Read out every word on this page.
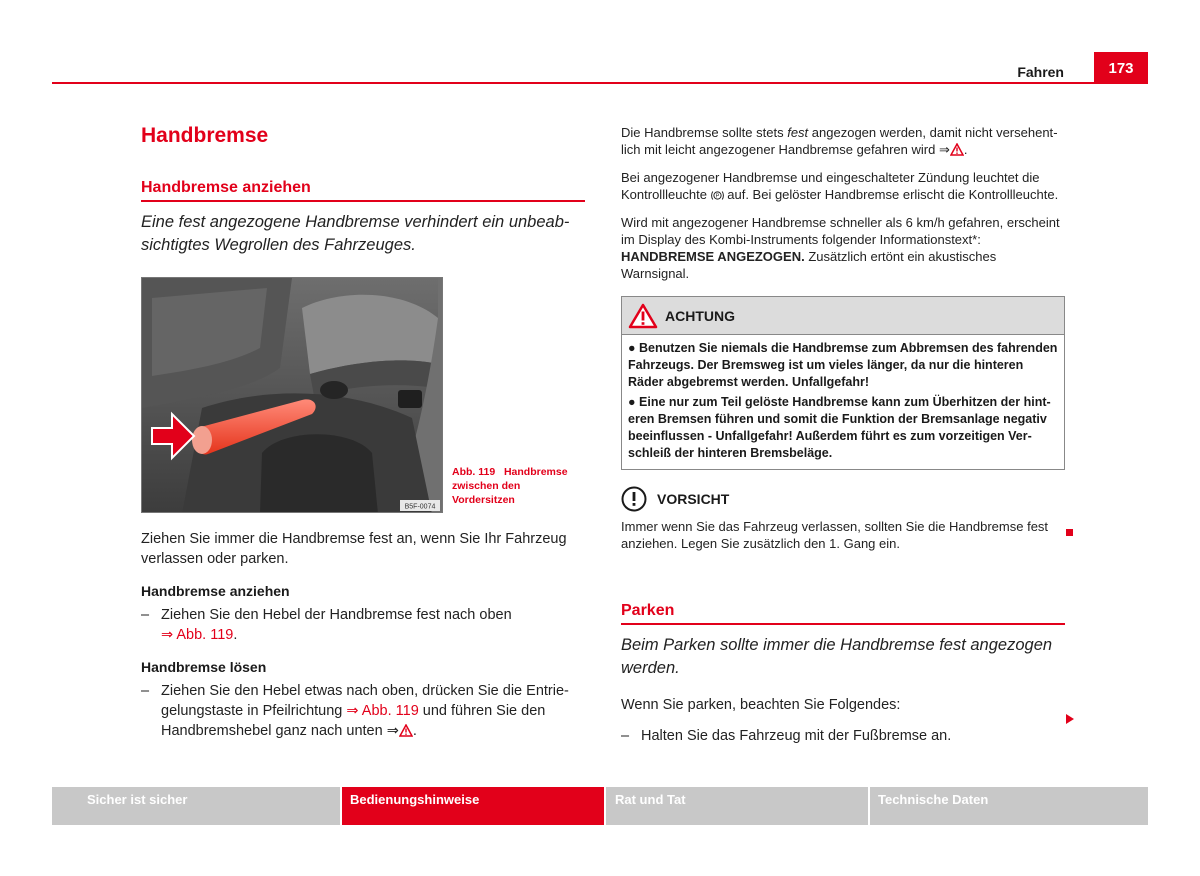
Fahren	173
Handbremse
Handbremse anziehen
Eine fest angezogene Handbremse verhindert ein unbeabsichtigtes Wegrollen des Fahrzeuges.
B5F-0074
Abb. 119 Handbremse zwischen den Vordersitzen
Ziehen Sie immer die Handbremse fest an, wenn Sie Ihr Fahrzeug verlassen oder parken.
Handbremse anziehen
– Ziehen Sie den Hebel der Handbremse fest nach oben
⇒ Abb. 119.
Handbremse lösen
– Ziehen Sie den Hebel etwas nach oben, drücken Sie die Entriegelungstaste in Pfeilrichtung ⇒ Abb. 119 und führen Sie den Handbremshebel ganz nach unten ⇒ .
Die Handbremse sollte stets fest angezogen werden, damit nicht versehentlich mit leicht angezogener Handbremse gefahren wird ⇒ .
Bei angezogener Handbremse und eingeschalteter Zündung leuchtet die Kontrollleuchte P auf. Bei gelöster Handbremse erlischt die Kontrollleuchte.
Wird mit angezogener Handbremse schneller als 6 km/h gefahren, erscheint im Display des Kombi-Instruments folgender Informationstext*: HANDBREMSE ANGEZOGEN. Zusätzlich ertönt ein akustisches Warnsignal.
ACHTUNG
● Benutzen Sie niemals die Handbremse zum Abbremsen des fahrenden Fahrzeugs. Der Bremsweg ist um vieles länger, da nur die hinteren Räder abgebremst werden. Unfallgefahr!
● Eine nur zum Teil gelöste Handbremse kann zum Überhitzen der hinteren Bremsen führen und somit die Funktion der Bremsanlage negativ beeinflussen - Unfallgefahr! Außerdem führt es zum vorzeitigen Verschleiß der hinteren Bremsbeläge.
VORSICHT
Immer wenn Sie das Fahrzeug verlassen, sollten Sie die Handbremse fest anziehen. Legen Sie zusätzlich den 1. Gang ein.
Parken
Beim Parken sollte immer die Handbremse fest angezogen werden.
Wenn Sie parken, beachten Sie Folgendes:
– Halten Sie das Fahrzeug mit der Fußbremse an.
Sicher ist sicher	Bedienungshinweise	Rat und Tat	Technische Daten
